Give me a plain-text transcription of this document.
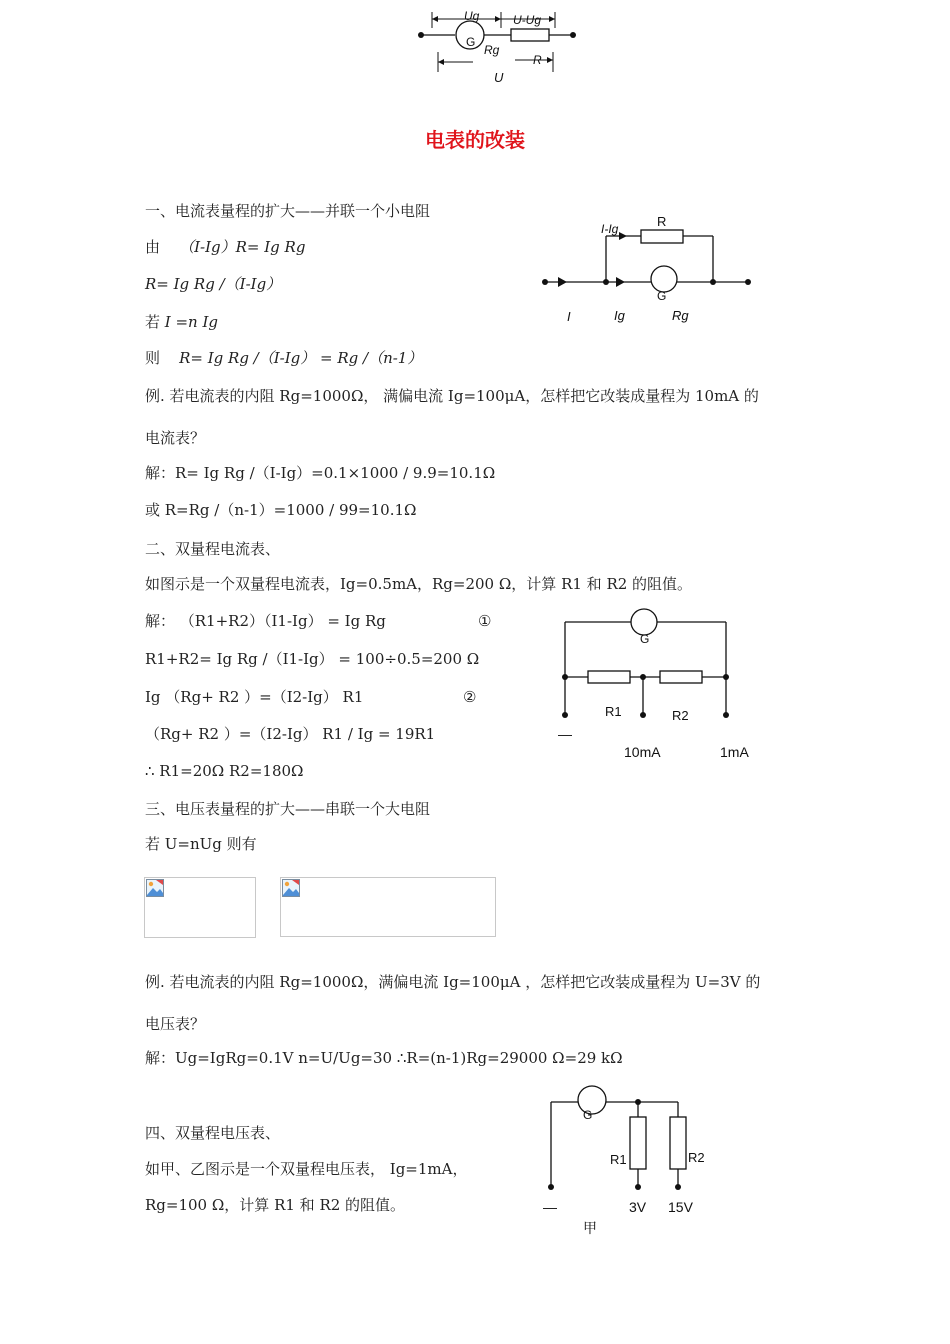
Ug	U-Ug
G
Rg
R
U
电表的改装
一、电流表量程的扩大——并联一个小电阻
由 （I-Ig）R= Ig Rg
R= Ig Rg /（I-Ig）
若 I =n Ig
则 R= Ig Rg /（I-Ig） = Rg /（n-1）
例. 若电流表的内阻 Rg=1000Ω， 满偏电流 Ig=100μA，怎样把它改装成量程为 10mA 的
电流表？
解：R= Ig Rg /（I-Ig）=0.1×1000 / 9.9=10.1Ω
或 R=Rg /（n-1）=1000 / 99=10.1Ω
I-Ig	R
G
I	Ig	Rg
二、双量程电流表、
如图示是一个双量程电流表，Ig=0.5mA，Rg=200 Ω，计算 R1 和 R2 的阻值。
解： （R1+R2）（I1-Ig） = Ig Rg	①
R1+R2= Ig Rg /（I1-Ig） = 100÷0.5=200 Ω
Ig （Rg+ R2 ）=（I2-Ig） R1	②
（Rg+ R2 ）=（I2-Ig） R1 / Ig = 19R1
∴ R1=20Ω R2=180Ω
G
R1	R2
—
10mA	1mA
三、电压表量程的扩大——串联一个大电阻
若 U=nUg 则有
例. 若电流表的内阻 Rg=1000Ω，满偏电流 Ig=100μA ，怎样把它改装成量程为 U=3V 的
电压表？
解：Ug=IgRg=0.1V n=U/Ug=30 ∴R=(n-1)Rg=29000 Ω=29 kΩ
四、双量程电压表、
如甲、乙图示是一个双量程电压表， Ig=1mA，
Rg=100 Ω，计算 R1 和 R2 的阻值。
G
R1	R2
—	3V 15V
甲
